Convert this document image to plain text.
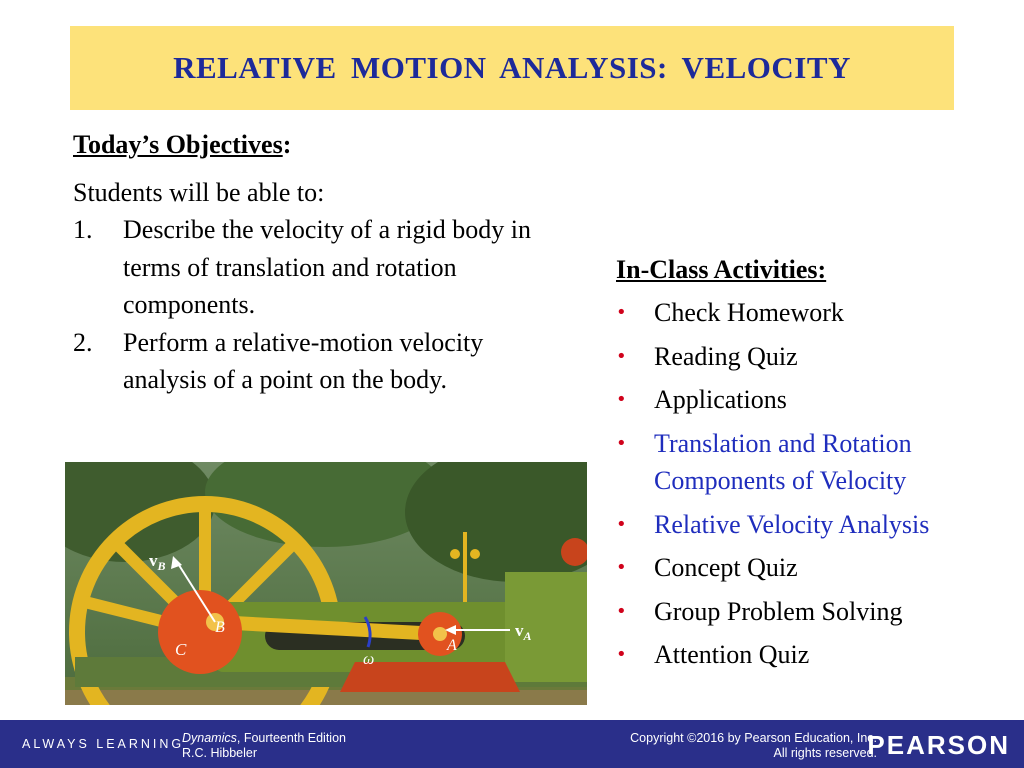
RELATIVE MOTION ANALYSIS: VELOCITY
Today’s Objectives:
Students will be able to:
1.	Describe the velocity of a rigid body in terms of translation and rotation components.
2.	Perform a relative-motion velocity analysis of a point on the body.
In-Class Activities:
•	Check Homework
•	Reading Quiz
•	Applications
•	Translation and Rotation Components of Velocity
•	Relative Velocity Analysis
•	Concept Quiz
•	Group Problem Solving
•	Attention Quiz
$v_B$
B
C	A
$v_A$
ω
ALWAYS LEARNING
Dynamics, Fourteenth Edition
R.C. Hibbeler
Copyright ©2016 by Pearson Education, Inc.
All rights reserved.
PEARSON
